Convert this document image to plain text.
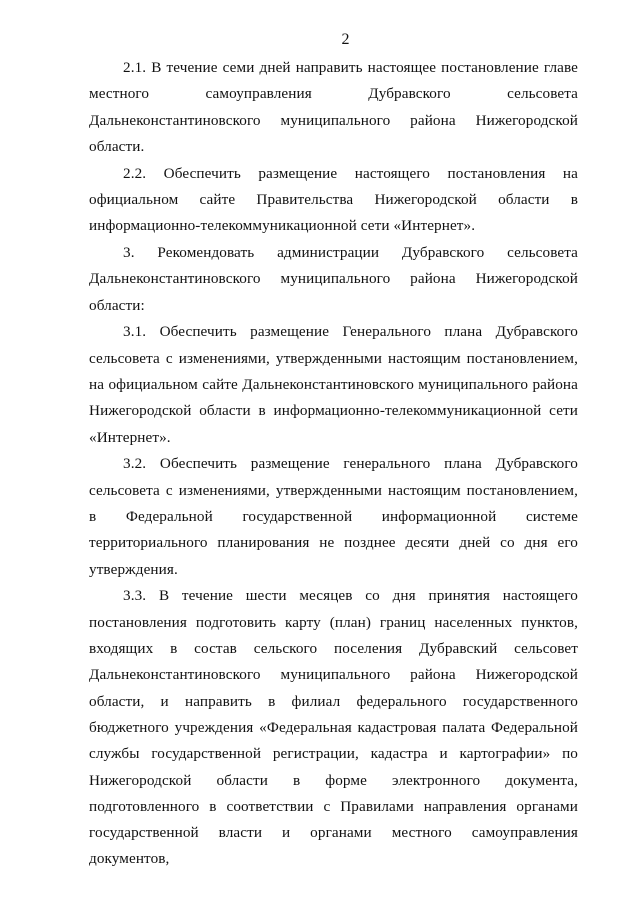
2

2.1. В течение семи дней направить настоящее постановление главе местного самоуправления Дубравского сельсовета Дальнеконстантиновского муниципального района Нижегородской области.

2.2. Обеспечить размещение настоящего постановления на официальном сайте Правительства Нижегородской области в информационно-телекоммуникационной сети «Интернет».

3. Рекомендовать администрации Дубравского сельсовета Дальнеконстантиновского муниципального района Нижегородской области:

3.1. Обеспечить размещение Генерального плана Дубравского сельсовета с изменениями, утвержденными настоящим постановлением, на официальном сайте Дальнеконстантиновского муниципального района Нижегородской области в информационно-телекоммуникационной сети «Интернет».

3.2. Обеспечить размещение генерального плана Дубравского сельсовета с изменениями, утвержденными настоящим постановлением, в Федеральной государственной информационной системе территориального планирования не позднее десяти дней со дня его утверждения.

3.3. В течение шести месяцев со дня принятия настоящего постановления подготовить карту (план) границ населенных пунктов, входящих в состав сельского поселения Дубравский сельсовет Дальнеконстантиновского муниципального района Нижегородской области, и направить в филиал федерального государственного бюджетного учреждения «Федеральная кадастровая палата Федеральной службы государственной регистрации, кадастра и картографии» по Нижегородской области в форме электронного документа, подготовленного в соответствии с Правилами направления органами государственной власти и органами местного самоуправления документов,
